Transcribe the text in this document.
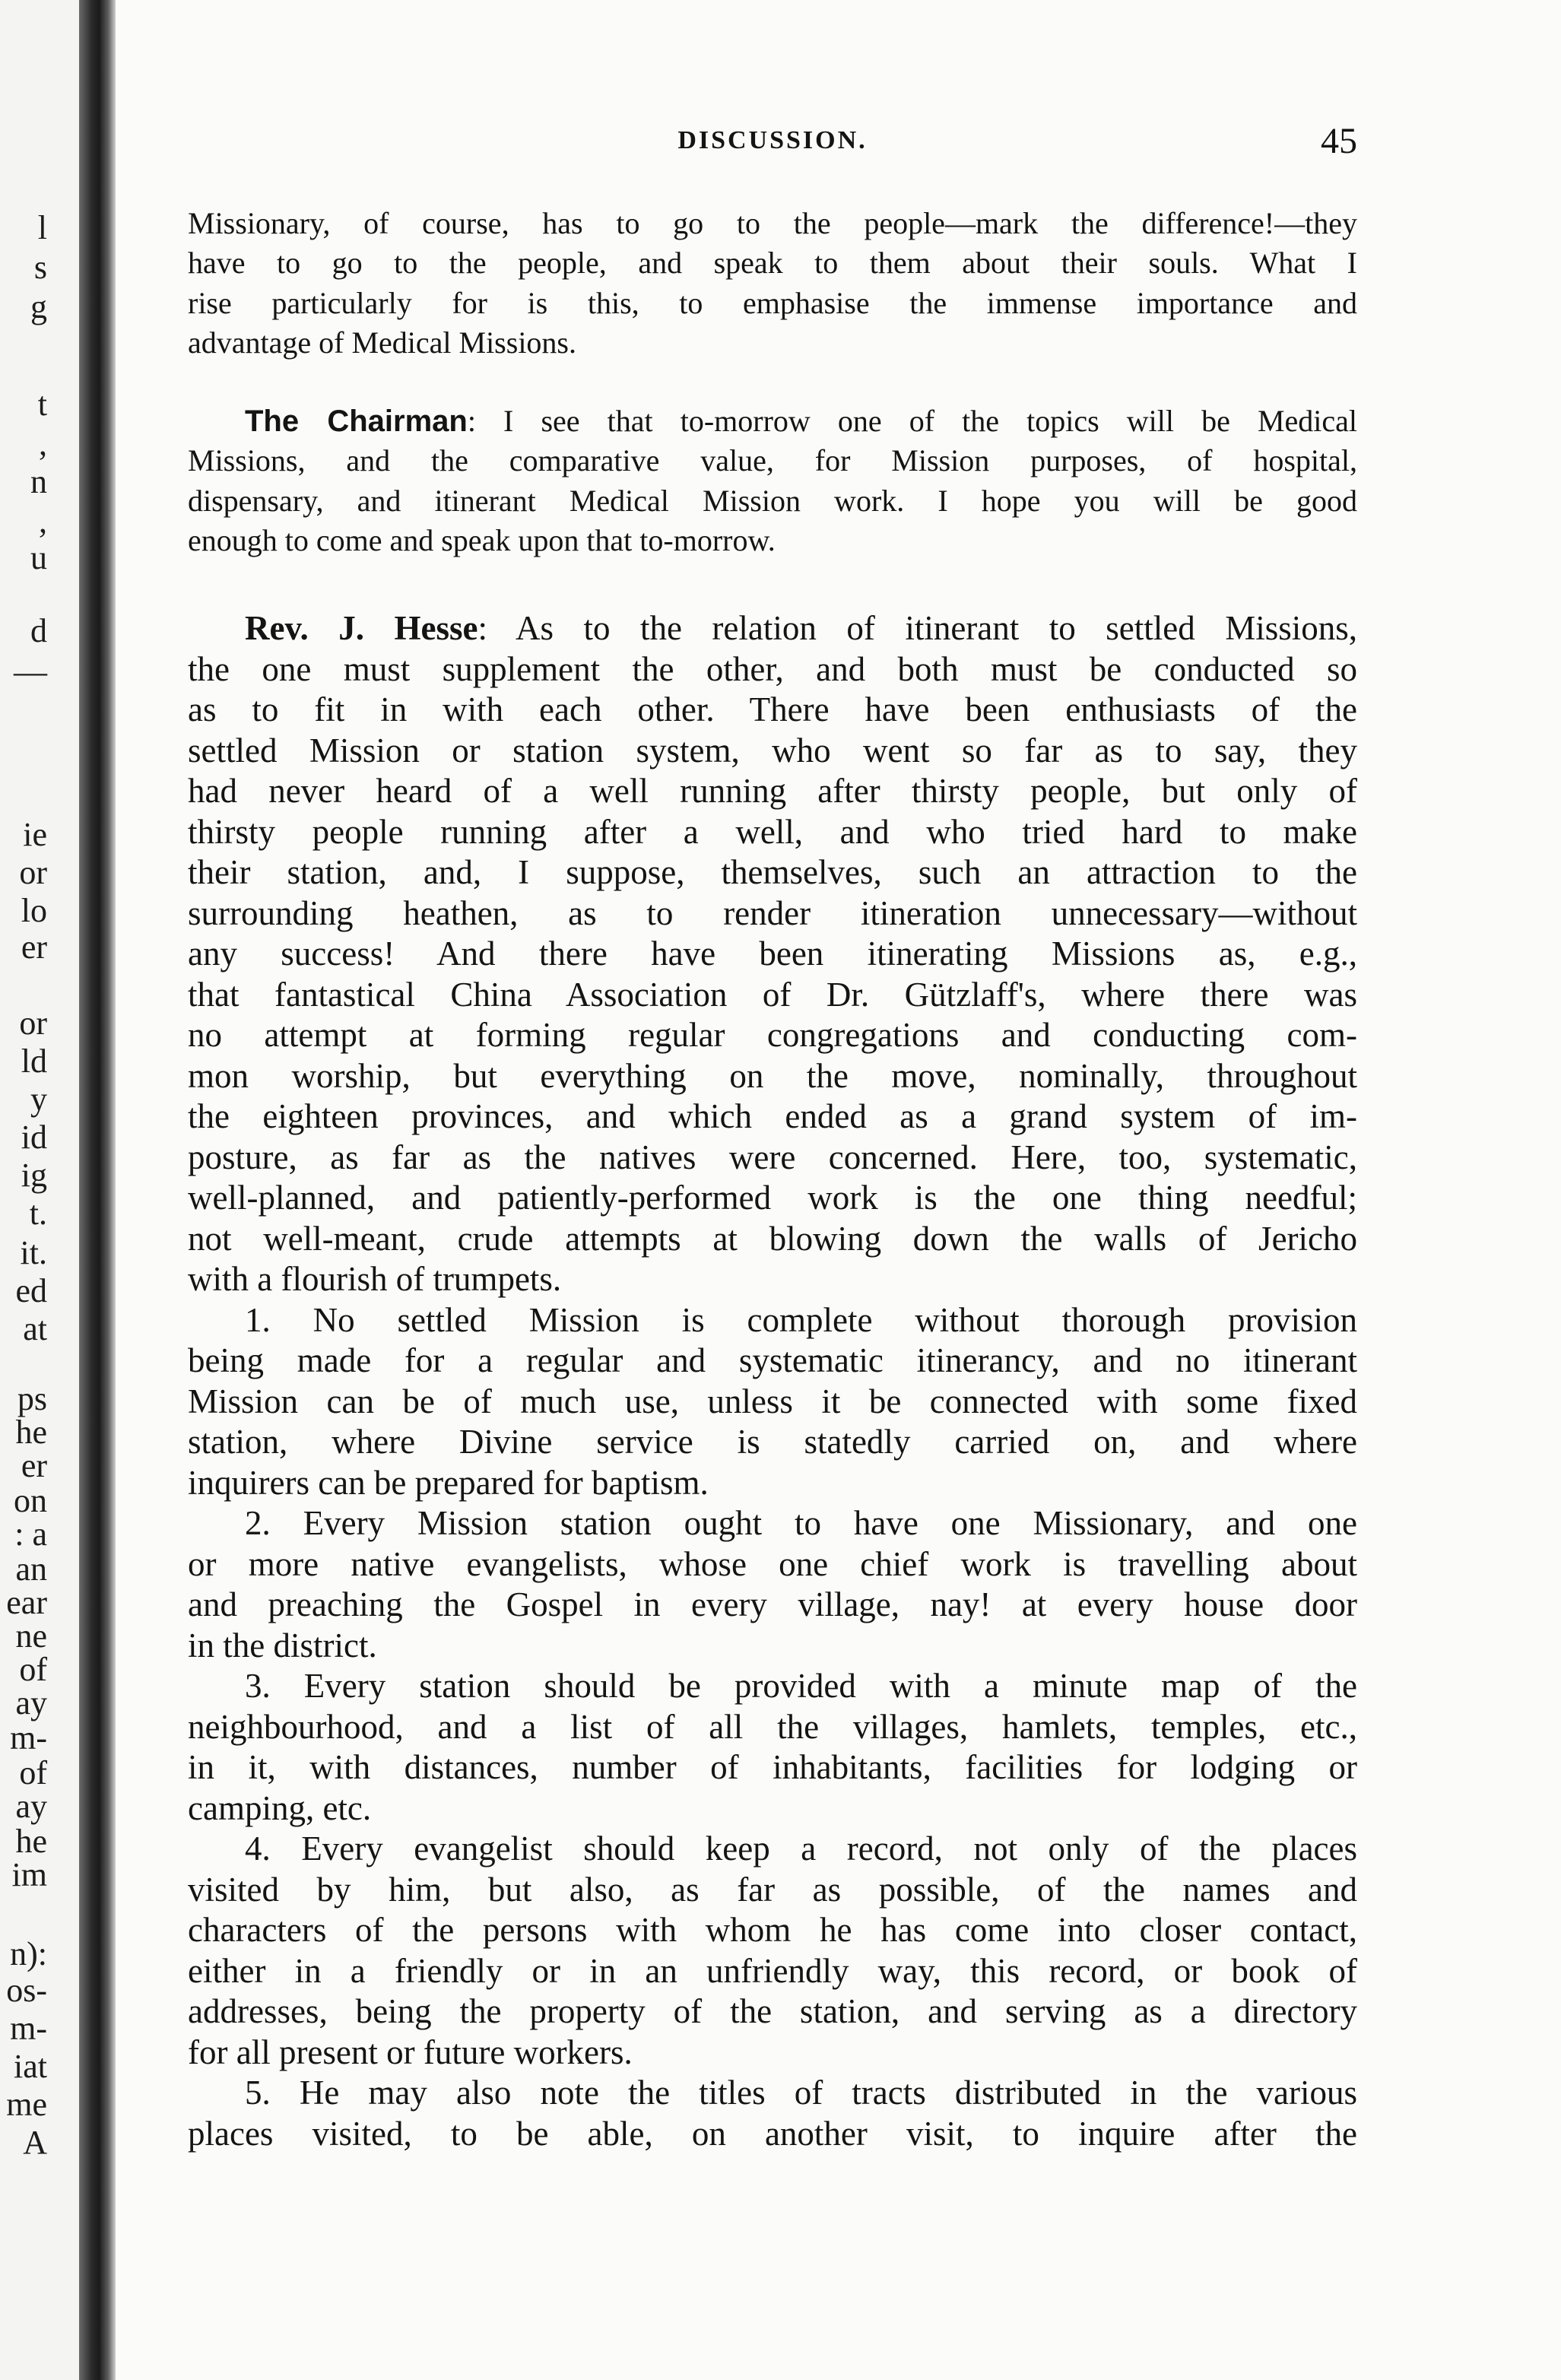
l
s
g
t
,
n
,
u
d
—
ie
or
lo
er
or
ld
y
id
ig
t.
it.
ed
at
ps
he
er
on
: a
an
ear
ne
of
ay
m-
of
ay
he
im
n):
os-
m-
iat
me
A
DISCUSSION.	45

Missionary, of course, has to go to the people—mark the difference!—they
have to go to the people, and speak to them about their souls. What I
rise particularly for is this, to emphasise the immense importance and
advantage of Medical Missions.

The Chairman: I see that to-morrow one of the topics will be Medical
Missions, and the comparative value, for Mission purposes, of hospital,
dispensary, and itinerant Medical Mission work. I hope you will be good
enough to come and speak upon that to-morrow.

Rev. J. Hesse: As to the relation of itinerant to settled Missions,
the one must supplement the other, and both must be conducted so
as to fit in with each other. There have been enthusiasts of the
settled Mission or station system, who went so far as to say, they
had never heard of a well running after thirsty people, but only of
thirsty people running after a well, and who tried hard to make
their station, and, I suppose, themselves, such an attraction to the
surrounding heathen, as to render itineration unnecessary—without
any success! And there have been itinerating Missions as, e.g.,
that fantastical China Association of Dr. Gützlaff's, where there was
no attempt at forming regular congregations and conducting com-
mon worship, but everything on the move, nominally, throughout
the eighteen provinces, and which ended as a grand system of im-
posture, as far as the natives were concerned. Here, too, systematic,
well-planned, and patiently-performed work is the one thing needful;
not well-meant, crude attempts at blowing down the walls of Jericho
with a flourish of trumpets.
1. No settled Mission is complete without thorough provision
being made for a regular and systematic itinerancy, and no itinerant
Mission can be of much use, unless it be connected with some fixed
station, where Divine service is statedly carried on, and where
inquirers can be prepared for baptism.
2. Every Mission station ought to have one Missionary, and one
or more native evangelists, whose one chief work is travelling about
and preaching the Gospel in every village, nay! at every house door
in the district.
3. Every station should be provided with a minute map of the
neighbourhood, and a list of all the villages, hamlets, temples, etc.,
in it, with distances, number of inhabitants, facilities for lodging or
camping, etc.
4. Every evangelist should keep a record, not only of the places
visited by him, but also, as far as possible, of the names and
characters of the persons with whom he has come into closer contact,
either in a friendly or in an unfriendly way, this record, or book of
addresses, being the property of the station, and serving as a directory
for all present or future workers.
5. He may also note the titles of tracts distributed in the various
places visited, to be able, on another visit, to inquire after the
